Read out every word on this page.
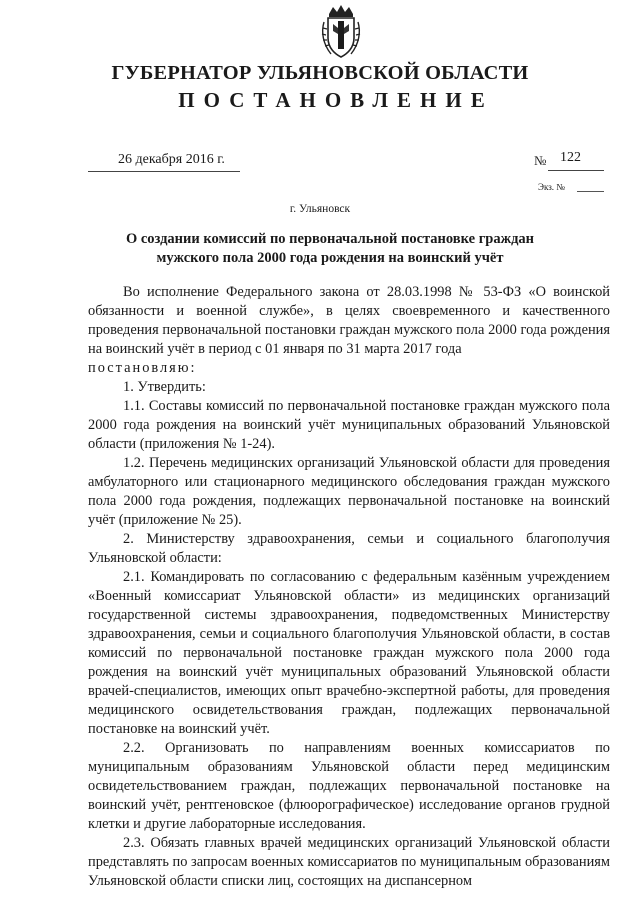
ГУБЕРНАТОР УЛЬЯНОВСКОЙ ОБЛАСТИ
ПОСТАНОВЛЕНИЕ
26 декабря 2016 г.	№ 122
Экз. №
г. Ульяновск
О создании комиссий по первоначальной постановке граждан мужского пола 2000 года рождения на воинский учёт

Во исполнение Федерального закона от 28.03.1998 № 53-ФЗ «О воинской обязанности и военной службе», в целях своевременного и качественного проведения первоначальной постановки граждан мужского пола 2000 года рождения на воинский учёт в период с 01 января по 31 марта 2017 года

постановляю:

1. Утвердить:

1.1. Составы комиссий по первоначальной постановке граждан мужского пола 2000 года рождения на воинский учёт муниципальных образований Ульяновской области (приложения № 1-24).

1.2. Перечень медицинских организаций Ульяновской области для проведения амбулаторного или стационарного медицинского обследования граждан мужского пола 2000 года рождения, подлежащих первоначальной постановке на воинский учёт (приложение № 25).

2. Министерству здравоохранения, семьи и социального благополучия Ульяновской области:

2.1. Командировать по согласованию с федеральным казённым учреждением «Военный комиссариат Ульяновской области» из медицинских организаций государственной системы здравоохранения, подведомственных Министерству здравоохранения, семьи и социального благополучия Ульяновской области, в состав комиссий по первоначальной постановке граждан мужского пола 2000 года рождения на воинский учёт муниципальных образований Ульяновской области врачей-специалистов, имеющих опыт врачебно-экспертной работы, для проведения медицинского освидетельствования граждан, подлежащих первоначальной постановке на воинский учёт.

2.2. Организовать по направлениям военных комиссариатов по муниципальным образованиям Ульяновской области перед медицинским освидетельствованием граждан, подлежащих первоначальной постановке на воинский учёт, рентгеновское (флюорографическое) исследование органов грудной клетки и другие лабораторные исследования.

2.3. Обязать главных врачей медицинских организаций Ульяновской области представлять по запросам военных комиссариатов по муниципальным образованиям Ульяновской области списки лиц, состоящих на диспансерном
